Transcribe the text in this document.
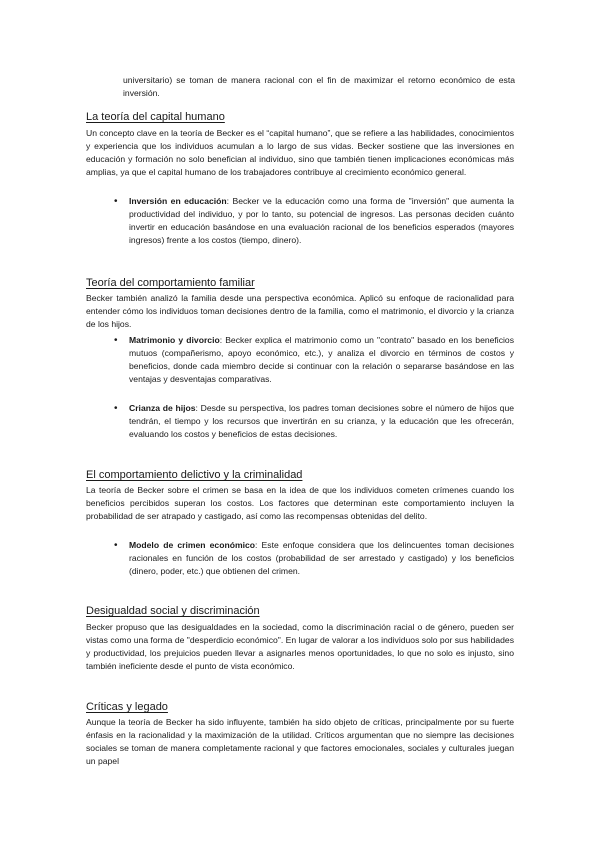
universitario) se toman de manera racional con el fin de maximizar el retorno económico de esta inversión.
La teoría del capital humano
Un concepto clave en la teoría de Becker es el “capital humano”, que se refiere a las habilidades, conocimientos y experiencia que los individuos acumulan a lo largo de sus vidas. Becker sostiene que las inversiones en educación y formación no solo benefician al individuo, sino que también tienen implicaciones económicas más amplias, ya que el capital humano de los trabajadores contribuye al crecimiento económico general.
• Inversión en educación: Becker ve la educación como una forma de "inversión" que aumenta la productividad del individuo, y por lo tanto, su potencial de ingresos. Las personas deciden cuánto invertir en educación basándose en una evaluación racional de los beneficios esperados (mayores ingresos) frente a los costos (tiempo, dinero).
Teoría del comportamiento familiar
Becker también analizó la familia desde una perspectiva económica. Aplicó su enfoque de racionalidad para entender cómo los individuos toman decisiones dentro de la familia, como el matrimonio, el divorcio y la crianza de los hijos.
• Matrimonio y divorcio: Becker explica el matrimonio como un "contrato" basado en los beneficios mutuos (compañerismo, apoyo económico, etc.), y analiza el divorcio en términos de costos y beneficios, donde cada miembro decide si continuar con la relación o separarse basándose en las ventajas y desventajas comparativas.
• Crianza de hijos: Desde su perspectiva, los padres toman decisiones sobre el número de hijos que tendrán, el tiempo y los recursos que invertirán en su crianza, y la educación que les ofrecerán, evaluando los costos y beneficios de estas decisiones.
El comportamiento delictivo y la criminalidad
La teoría de Becker sobre el crimen se basa en la idea de que los individuos cometen crímenes cuando los beneficios percibidos superan los costos. Los factores que determinan este comportamiento incluyen la probabilidad de ser atrapado y castigado, así como las recompensas obtenidas del delito.
• Modelo de crimen económico: Este enfoque considera que los delincuentes toman decisiones racionales en función de los costos (probabilidad de ser arrestado y castigado) y los beneficios (dinero, poder, etc.) que obtienen del crimen.
Desigualdad social y discriminación
Becker propuso que las desigualdades en la sociedad, como la discriminación racial o de género, pueden ser vistas como una forma de "desperdicio económico". En lugar de valorar a los individuos solo por sus habilidades y productividad, los prejuicios pueden llevar a asignarles menos oportunidades, lo que no solo es injusto, sino también ineficiente desde el punto de vista económico.
Críticas y legado
Aunque la teoría de Becker ha sido influyente, también ha sido objeto de críticas, principalmente por su fuerte énfasis en la racionalidad y la maximización de la utilidad. Críticos argumentan que no siempre las decisiones sociales se toman de manera completamente racional y que factores emocionales, sociales y culturales juegan un papel
